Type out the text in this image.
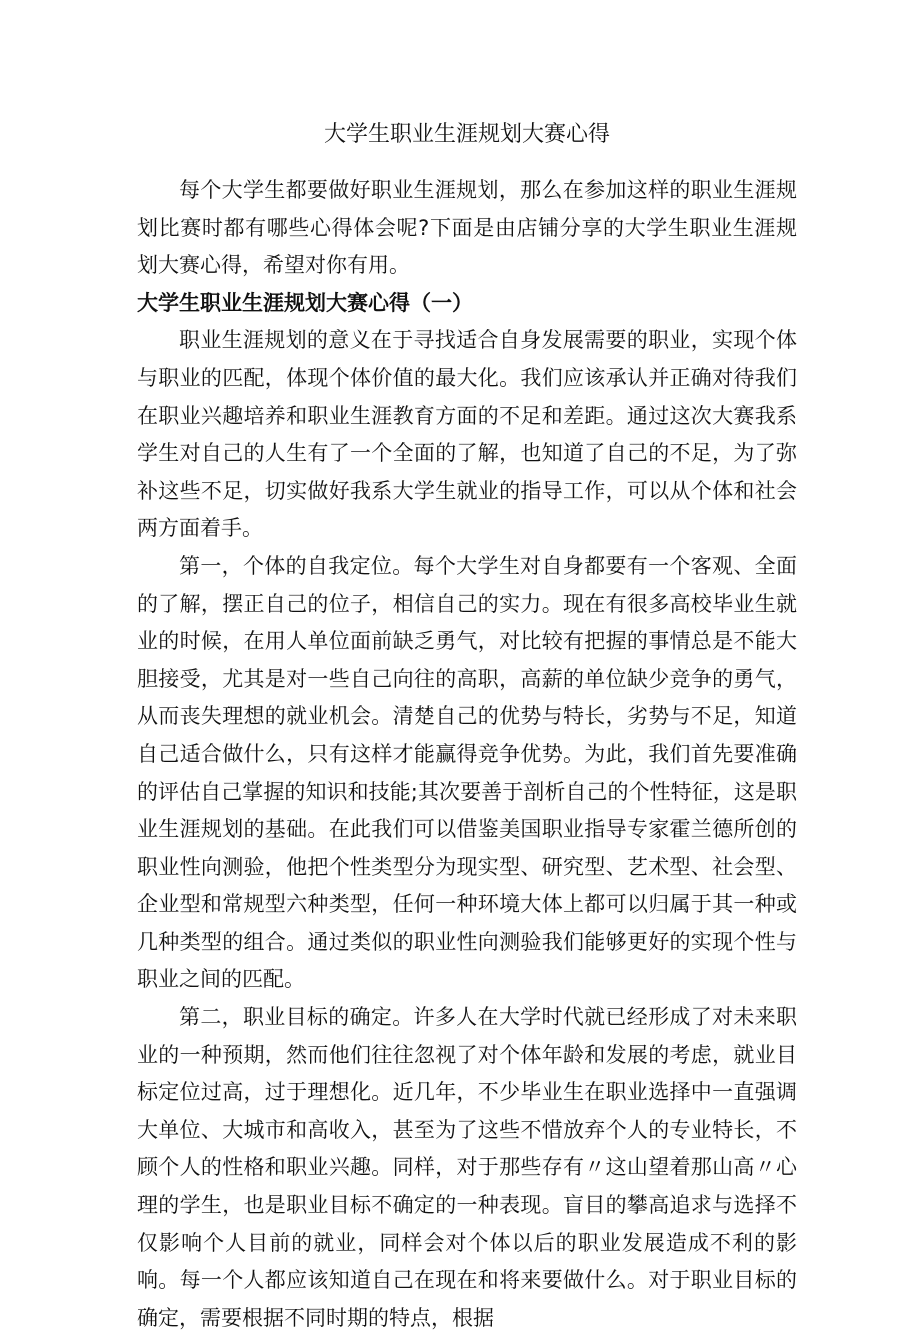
大学生职业生涯规划大赛心得

每个大学生都要做好职业生涯规划，那么在参加这样的职业生涯规划比赛时都有哪些心得体会呢?下面是由店铺分享的大学生职业生涯规划大赛心得，希望对你有用。

大学生职业生涯规划大赛心得（一）

职业生涯规划的意义在于寻找适合自身发展需要的职业，实现个体与职业的匹配，体现个体价值的最大化。我们应该承认并正确对待我们在职业兴趣培养和职业生涯教育方面的不足和差距。通过这次大赛我系学生对自己的人生有了一个全面的了解，也知道了自己的不足，为了弥补这些不足，切实做好我系大学生就业的指导工作，可以从个体和社会两方面着手。

第一，个体的自我定位。每个大学生对自身都要有一个客观、全面的了解，摆正自己的位子，相信自己的实力。现在有很多高校毕业生就业的时候，在用人单位面前缺乏勇气，对比较有把握的事情总是不能大胆接受，尤其是对一些自己向往的高职，高薪的单位缺少竞争的勇气，从而丧失理想的就业机会。清楚自己的优势与特长，劣势与不足，知道自己适合做什么，只有这样才能赢得竞争优势。为此，我们首先要准确的评估自己掌握的知识和技能;其次要善于剖析自己的个性特征，这是职业生涯规划的基础。在此我们可以借鉴美国职业指导专家霍兰德所创的职业性向测验，他把个性类型分为现实型、研究型、艺术型、社会型、企业型和常规型六种类型，任何一种环境大体上都可以归属于其一种或几种类型的组合。通过类似的职业性向测验我们能够更好的实现个性与职业之间的匹配。

第二，职业目标的确定。许多人在大学时代就已经形成了对未来职业的一种预期，然而他们往往忽视了对个体年龄和发展的考虑，就业目标定位过高，过于理想化。近几年，不少毕业生在职业选择中一直强调大单位、大城市和高收入，甚至为了这些不惜放弃个人的专业特长，不顾个人的性格和职业兴趣。同样，对于那些存有〃这山望着那山高〃心理的学生，也是职业目标不确定的一种表现。盲目的攀高追求与选择不仅影响个人目前的就业，同样会对个体以后的职业发展造成不利的影响。每一个人都应该知道自己在现在和将来要做什么。对于职业目标的确定，需要根据不同时期的特点，根据
